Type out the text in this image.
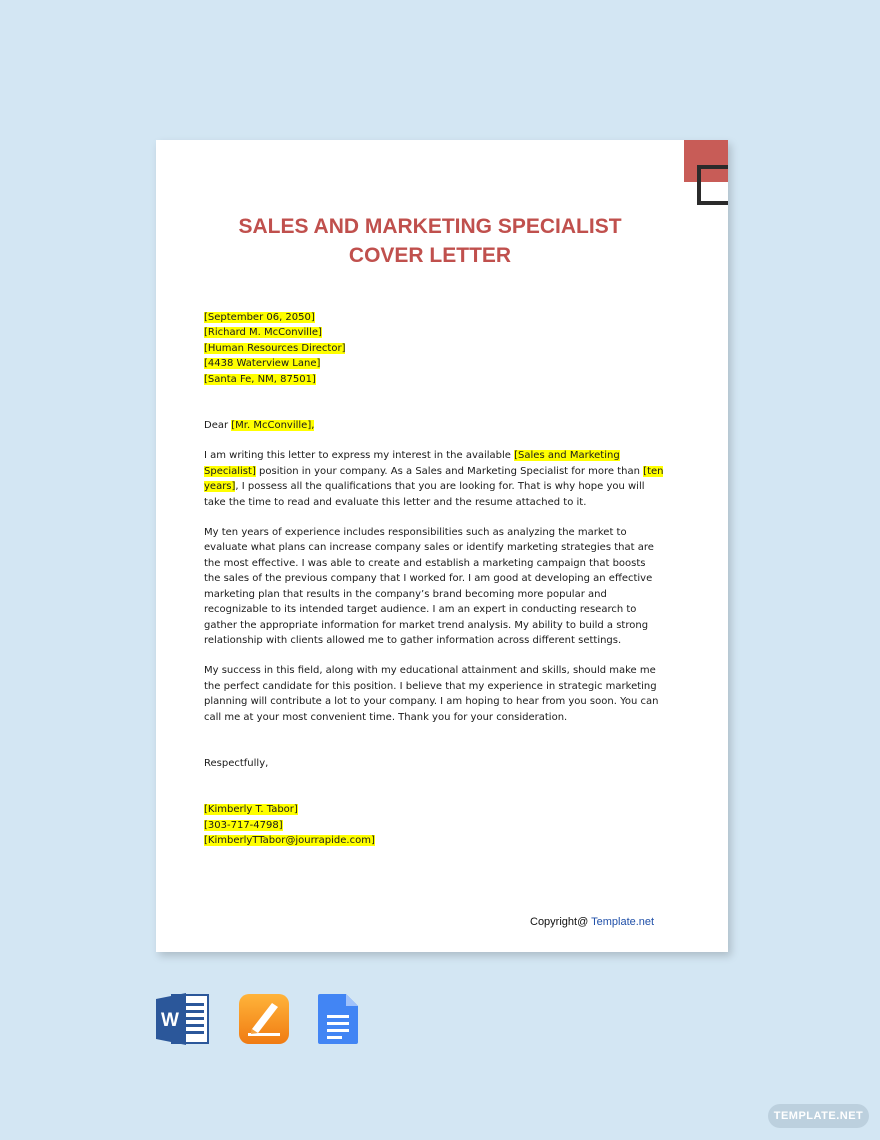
SALES AND MARKETING SPECIALIST
COVER LETTER
[September 06, 2050]
[Richard M. McConville]
[Human Resources Director]
[4438 Waterview Lane]
[Santa Fe, NM, 87501]

Dear [Mr. McConville],

I am writing this letter to express my interest in the available [Sales and Marketing Specialist] position in your company. As a Sales and Marketing Specialist for more than [ten years], I possess all the qualifications that you are looking for. That is why hope you will take the time to read and evaluate this letter and the resume attached to it.

My ten years of experience includes responsibilities such as analyzing the market to evaluate what plans can increase company sales or identify marketing strategies that are the most effective. I was able to create and establish a marketing campaign that boosts the sales of the previous company that I worked for. I am good at developing an effective marketing plan that results in the company’s brand becoming more popular and recognizable to its intended target audience. I am an expert in conducting research to gather the appropriate information for market trend analysis. My ability to build a strong relationship with clients allowed me to gather information across different settings.

My success in this field, along with my educational attainment and skills, should make me the perfect candidate for this position. I believe that my experience in strategic marketing planning will contribute a lot to your company. I am hoping to hear from you soon. You can call me at your most convenient time. Thank you for your consideration.

Respectfully,

[Kimberly T. Tabor]
[303-717-4798]
[KimberlyTTabor@jourrapide.com]
Copyright@ Template.net
W
TEMPLATE.NET
